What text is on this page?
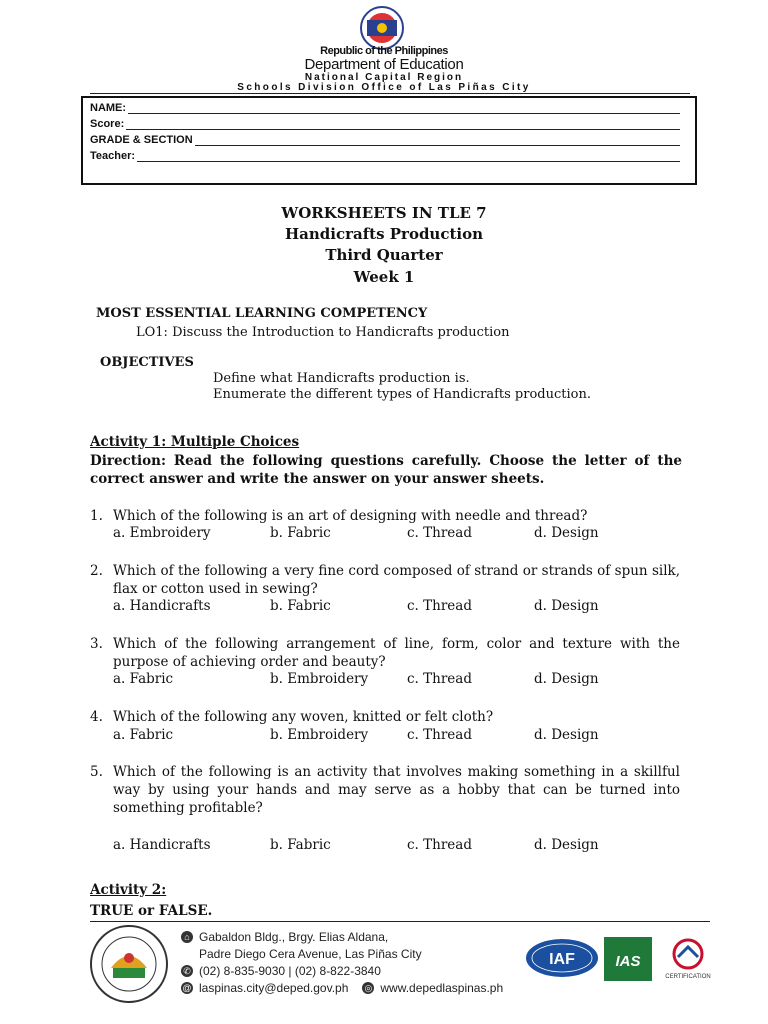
Republic of the Philippines
Department of Education
National Capital Region
Schools Division Office of Las Piñas City
NAME:
Score:
GRADE & SECTION
Teacher:
WORKSHEETS IN TLE 7
Handicrafts Production
Third Quarter
Week 1
MOST ESSENTIAL LEARNING COMPETENCY
LO1: Discuss the Introduction to Handicrafts production
OBJECTIVES
Define what Handicrafts production is.
Enumerate the different types of Handicrafts production.
Activity 1: Multiple Choices
Direction: Read the following questions carefully. Choose the letter of the correct answer and write the answer on your answer sheets.
1. Which of the following is an art of designing with needle and thread?
a. Embroidery	b. Fabric	c. Thread	d. Design
2. Which of the following a very fine cord composed of strand or strands of spun silk, flax or cotton used in sewing?
a. Handicrafts	b. Fabric	c. Thread	d. Design
3. Which of the following arrangement of line, form, color and texture with the purpose of achieving order and beauty?
a. Fabric	b. Embroidery	c. Thread	d. Design
4. Which of the following any woven, knitted or felt cloth?
a. Fabric	b. Embroidery	c. Thread	d. Design
5. Which of the following is an activity that involves making something in a skillful way by using your hands and may serve as a hobby that can be turned into something profitable?
a. Handicrafts	b. Fabric	c. Thread	d. Design
Activity 2:
TRUE or FALSE.
⌂ Gabaldon Bldg., Brgy. Elias Aldana,
Padre Diego Cera Avenue, Las Piñas City
✆ (02) 8-835-9030 | (02) 8-822-3840
@ laspinas.city@deped.gov.ph ◎ www.depedlaspinas.ph
IAF	IAS
CERTIFICATION
